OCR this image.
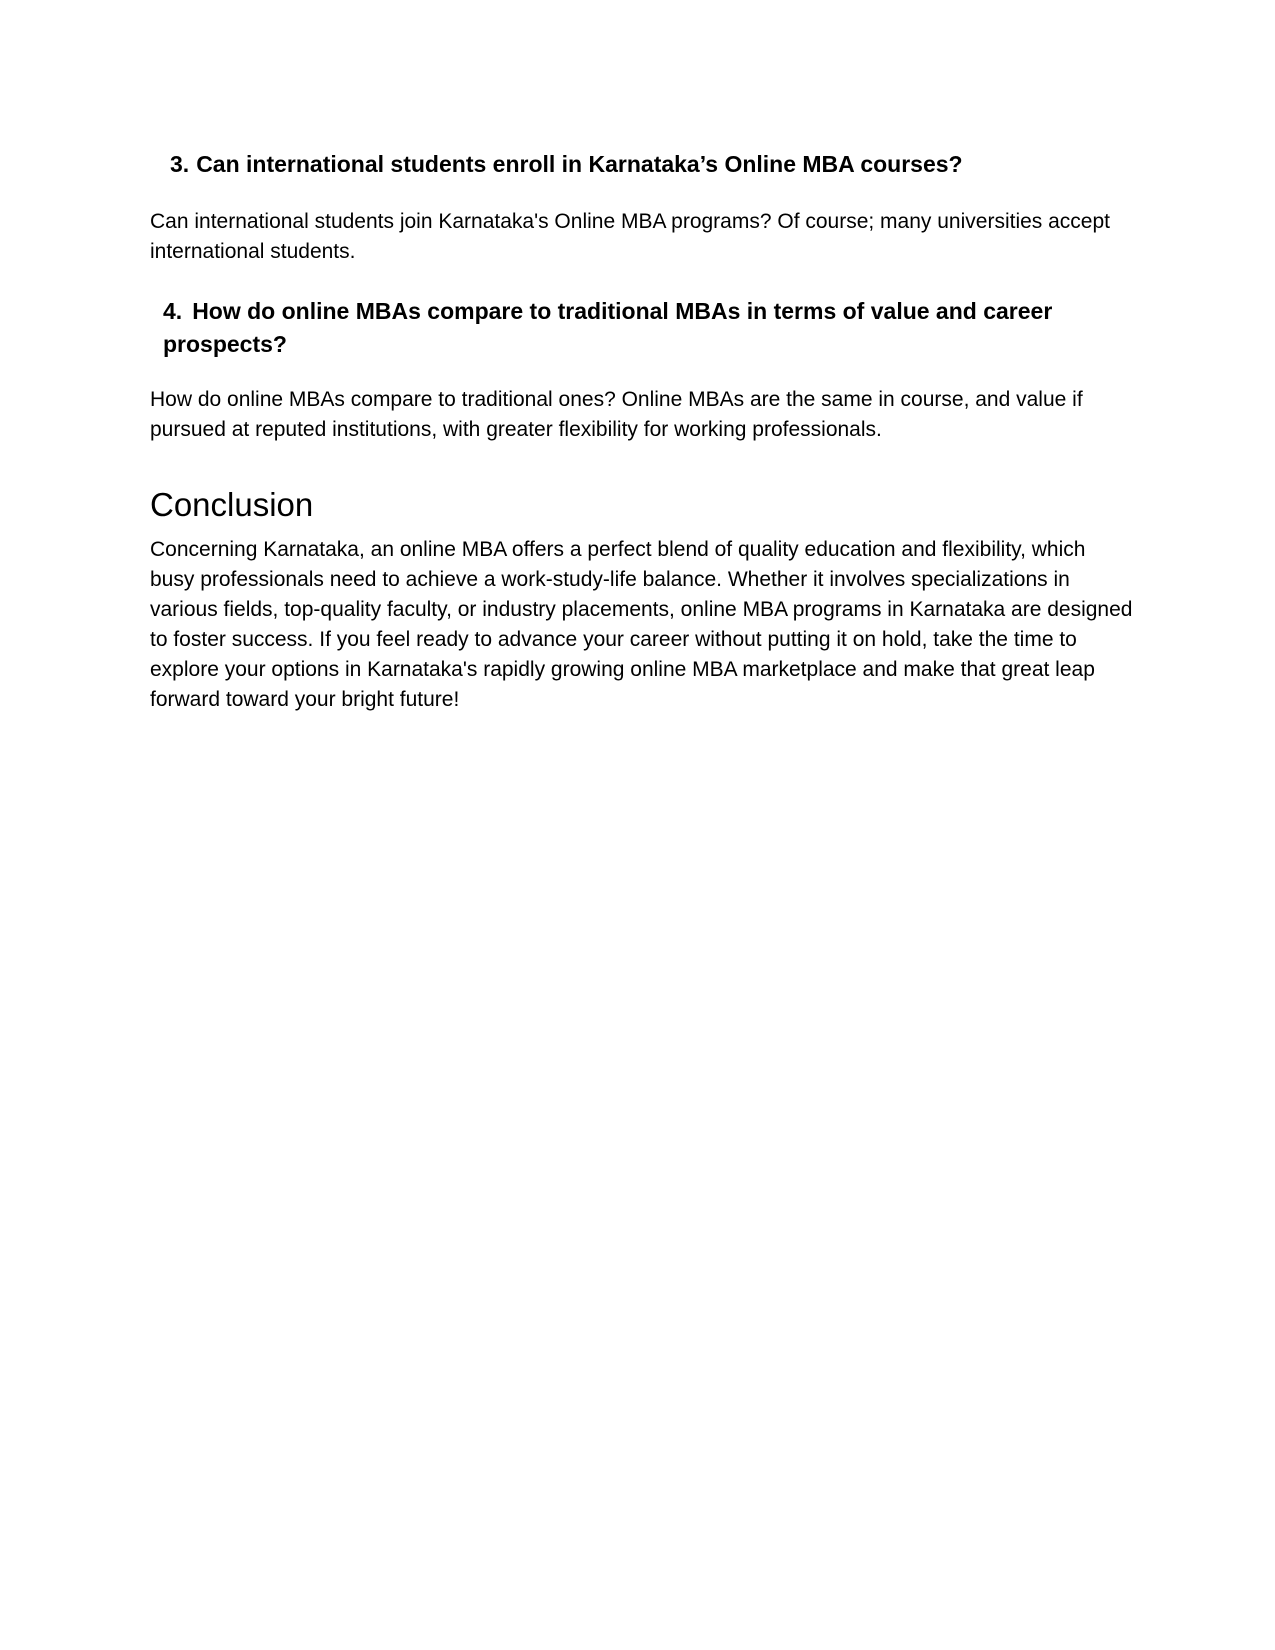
3. Can international students enroll in Karnataka’s Online MBA courses?

Can international students join Karnataka's Online MBA programs? Of course; many universities accept international students.

4. How do online MBAs compare to traditional MBAs in terms of value and career prospects?

How do online MBAs compare to traditional ones? Online MBAs are the same in course, and value if pursued at reputed institutions, with greater flexibility for working professionals.

Conclusion

Concerning Karnataka, an online MBA offers a perfect blend of quality education and flexibility, which busy professionals need to achieve a work-study-life balance. Whether it involves specializations in various fields, top-quality faculty, or industry placements, online MBA programs in Karnataka are designed to foster success. If you feel ready to advance your career without putting it on hold, take the time to explore your options in Karnataka's rapidly growing online MBA marketplace and make that great leap forward toward your bright future!
